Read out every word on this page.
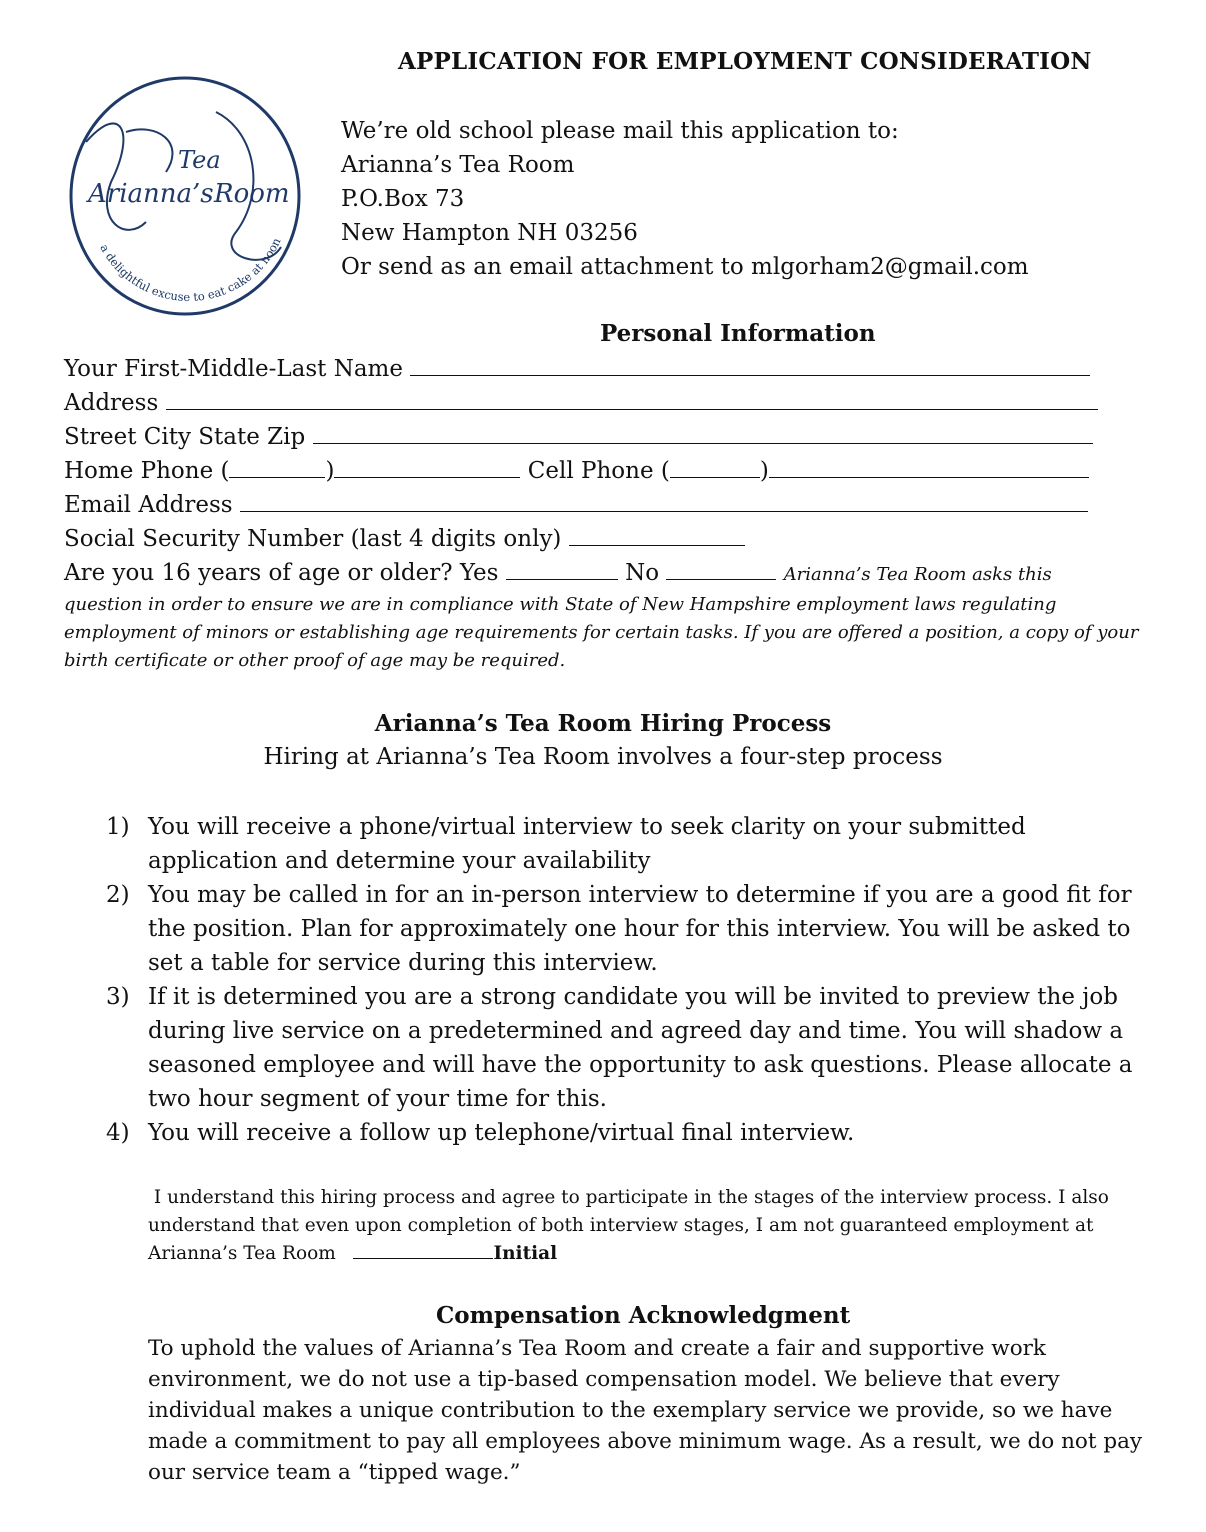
APPLICATION FOR EMPLOYMENT CONSIDERATION
Tea
Arianna’s Room
a delightful excuse to eat cake at noon
We’re old school please mail this application to:
Arianna’s Tea Room
P.O.Box 73
New Hampton NH 03256
Or send as an email attachment to mlgorham2@gmail.com
Personal Information
Your First-Middle-Last Name
Address
Street City State Zip
Home Phone (	)	Cell Phone (	)
Email Address
Social Security Number (last 4 digits only)
Are you 16 years of age or older? Yes	No	Arianna’s Tea Room asks this
question in order to ensure we are in compliance with State of New Hampshire employment laws regulating employment of minors or establishing age requirements for certain tasks. If you are offered a position, a copy of your birth certificate or other proof of age may be required.
Arianna’s Tea Room Hiring Process
Hiring at Arianna’s Tea Room involves a four-step process
1) You will receive a phone/virtual interview to seek clarity on your submitted application and determine your availability
2) You may be called in for an in-person interview to determine if you are a good fit for the position. Plan for approximately one hour for this interview. You will be asked to set a table for service during this interview.
3) If it is determined you are a strong candidate you will be invited to preview the job during live service on a predetermined and agreed day and time. You will shadow a seasoned employee and will have the opportunity to ask questions. Please allocate a two hour segment of your time for this.
4) You will receive a follow up telephone/virtual final interview.
I understand this hiring process and agree to participate in the stages of the interview process. I also understand that even upon completion of both interview stages, I am not guaranteed employment at Arianna’s Tea Room	Initial
Compensation Acknowledgment
To uphold the values of Arianna’s Tea Room and create a fair and supportive work environment, we do not use a tip-based compensation model. We believe that every individual makes a unique contribution to the exemplary service we provide, so we have made a commitment to pay all employees above minimum wage. As a result, we do not pay our service team a “tipped wage.”
